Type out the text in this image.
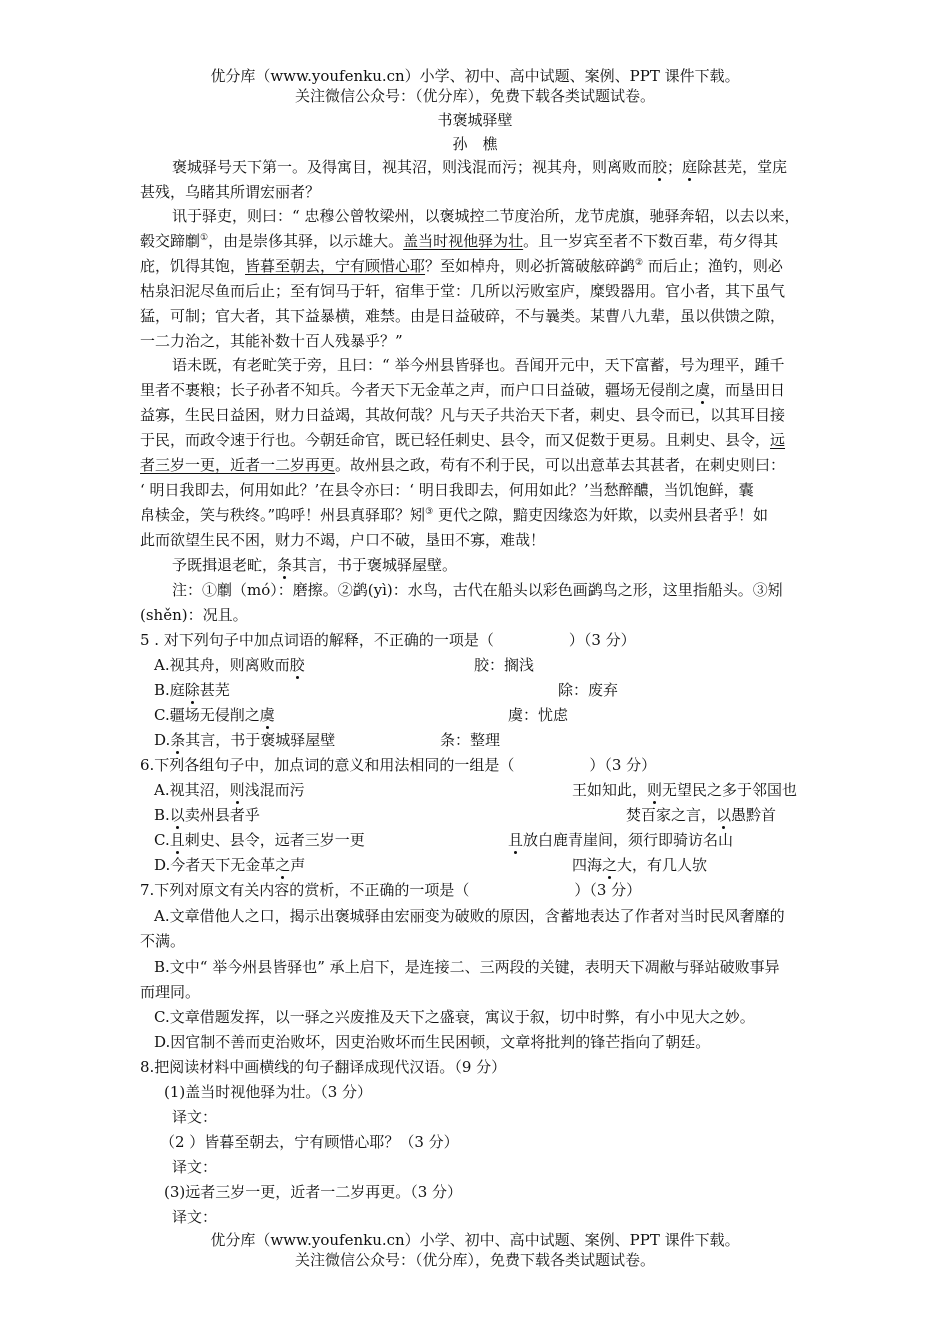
优分库（www.youfenku.cn）小学、初中、高中试题、案例、PPT 课件下载。
关注微信公众号：（优分库），免费下载各类试题试卷。
书褒城驿壁
孙　樵
褒城驿号天下第一。及得寓目，视其沼，则浅混而污；视其舟，则离败而胶；庭除甚芜，堂庑
甚残，乌睹其所谓宏丽者？
讯于驿吏，则曰：“ 忠穆公曾牧梁州，以褒城控二节度治所，龙节虎旗，驰驿奔轺，以去以来，
毂交蹄劘①，由是崇侈其驿，以示雄大。盖当时视他驿为壮。且一岁宾至者不下数百辈，苟夕得其
庇，饥得其饱，皆暮至朝去，宁有顾惜心耶？至如棹舟，则必折篙破舷碎鹢② 而后止；渔钓，则必
枯泉汩泥尽鱼而后止；至有饲马于轩，宿隼于堂：几所以污败室庐，糜毁器用。官小者，其下虽气
猛，可制；官大者，其下益暴横，难禁。由是日益破碎，不与曩类。某曹八九辈，虽以供馈之隙，
一二力治之，其能补数十百人残暴乎？”
语未既，有老甿笑于旁，且曰：“ 举今州县皆驿也。吾闻开元中，天下富蓄，号为理平，踵千
里者不裹粮；长子孙者不知兵。今者天下无金革之声，而户口日益破，疆场无侵削之虞，而垦田日
益寡，生民日益困，财力日益竭，其故何哉？凡与天子共治天下者，刺史、县令而已，以其耳目接
于民，而政令速于行也。今朝廷命官，既已轻任刺史、县令，而又促数于更易。且刺史、县令，远
者三岁一更，近者一二岁再更。故州县之政，苟有不利于民，可以出意革去其甚者，在刺史则曰：
‘ 明日我即去，何用如此？’在县令亦曰：‘ 明日我即去，何用如此？’当愁醉醲，当饥饱鲜，囊
帛椟金，笑与秩终。”呜呼！州县真驿耶？矧③ 更代之隙，黯吏因缘恣为奸欺，以卖州县者乎！如
此而欲望生民不困，财力不竭，户口不破，垦田不寡，难哉！
予既揖退老甿，条其言，书于褒城驿屋壁。
注：①劘（mó）：磨擦。②鹢(yì)：水鸟，古代在船头以彩色画鹢鸟之形，这里指船头。③矧
(shěn)：况且。
5 . 对下列句子中加点词语的解释，不正确的一项是（　　　　　）（3 分）
A.视其舟，则离败而胶	胶：搁浅
B.庭除甚芜	除：废弃
C.疆场无侵削之虞	虞：忧虑
D.条其言，书于褒城驿屋壁	条：整理
6.下列各组句子中，加点词的意义和用法相同的一组是（　　　　　）（3 分）
A.视其沼，则浅混而污	王如知此，则无望民之多于邻国也
B.以卖州县者乎	焚百家之言，以愚黔首
C.且刺史、县令，远者三岁一更	且放白鹿青崖间，须行即骑访名山
D.今者天下无金革之声	四海之大，有几人欤
7.下列对原文有关内容的赏析，不正确的一项是（　　　　　　　）（3 分）
A.文章借他人之口，揭示出褒城驿由宏丽变为破败的原因，含蓄地表达了作者对当时民风奢靡的
不满。
B.文中“ 举今州县皆驿也” 承上启下，是连接二、三两段的关键，表明天下凋敝与驿站破败事异
而理同。
C.文章借题发挥，以一驿之兴废推及天下之盛衰，寓议于叙，切中时弊，有小中见大之妙。
D.因官制不善而吏治败坏，因吏治败坏而生民困顿，文章将批判的锋芒指向了朝廷。
8.把阅读材料中画横线的句子翻译成现代汉语。（9 分）
(1)盖当时视他驿为壮。（3 分）
译文：
（2 ）皆暮至朝去，宁有顾惜心耶？（3 分）
译文：
(3)远者三岁一更，近者一二岁再更。（3 分）
译文：
优分库（www.youfenku.cn）小学、初中、高中试题、案例、PPT 课件下载。
关注微信公众号：（优分库），免费下载各类试题试卷。
